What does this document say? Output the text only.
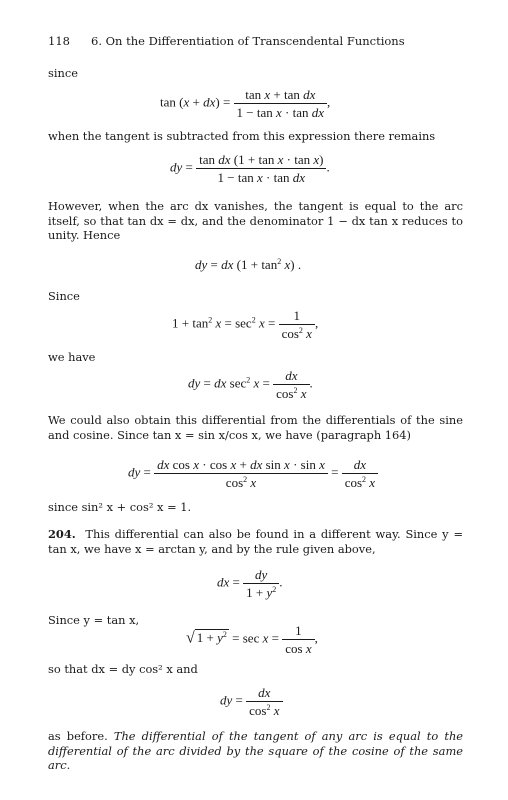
118 6. On the Differentiation of Transcendental Functions
since
$\tan (x + dx) = \frac{\text{tan x + tan dx}}{\text{1 − tan x · tan dx}}$ ,
when the tangent is subtracted from this expression there remains
dy = $\frac{\text{tan dx (1 + tan x · tan x)}}{\text{1 − tan x · tan dx}}$ .
However, when the arc dx vanishes, the tangent is equal to the arc itself, so that tan dx = dx, and the denominator 1 − dx tan x reduces to unity. Hence
dy = dx $(1 + \tan^2 x)$ .
Since
$1 + \tan^2 x = \sec^2 x = \frac{1}{\cos^2 x}$ ,
we have
dy = dx $\sec^2 x = \frac{dx}{\cos^2 x}$ .
We could also obtain this differential from the differentials of the sine and cosine. Since tan x = sin x/cos x, we have (paragraph 164)
dy = $\frac{\text{dx cos x · cos x + dx sin x · sin x}}{\cos^2 x} = \frac{dx}{\cos^2 x}$
since sin² x + cos² x = 1.
204. This differential can also be found in a different way. Since y = tan x, we have x = arctan y, and by the rule given above,
dx = $\frac{dy}{1 + y^2}$ .
Since y = tan x,
√ $1 + y^2 = \sec x = \frac{1}{\text{cos x}}$ ,
so that dx = dy cos² x and
dy = $\frac{dx}{\cos^2 x}$
as before. The differential of the tangent of any arc is equal to the differential of the arc divided by the square of the cosine of the same arc.
